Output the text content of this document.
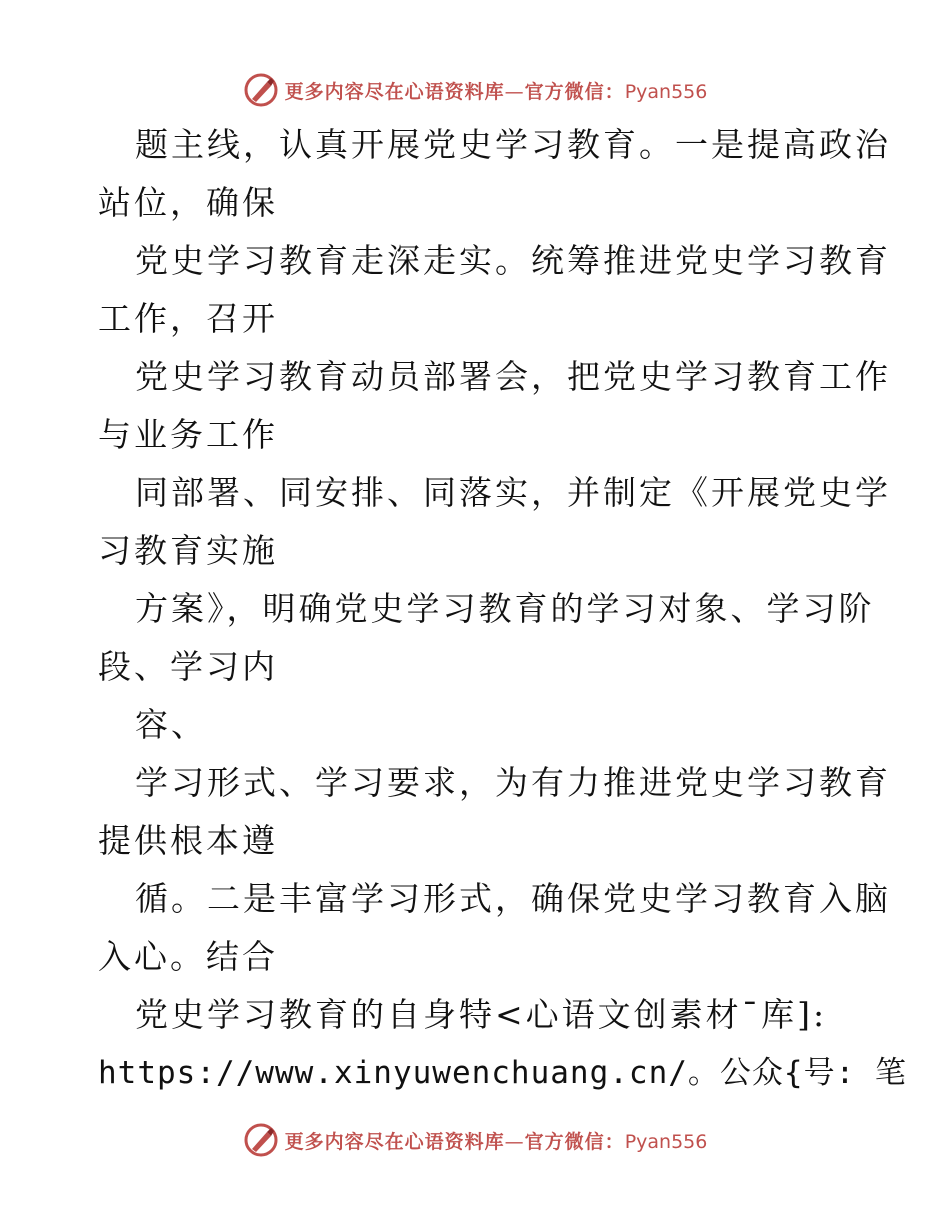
更多内容尽在心语资料库—官方微信：Pyan556
题主线，认真开展党史学习教育。一是提高政治
站位，确保
党史学习教育走深走实。统筹推进党史学习教育
工作，召开
党史学习教育动员部署会，把党史学习教育工作
与业务工作
同部署、同安排、同落实，并制定《开展党史学
习教育实施
方案》，明确党史学习教育的学习对象、学习阶
段、学习内
容、
学习形式、学习要求，为有力推进党史学习教育
提供根本遵
循。二是丰富学习形式，确保党史学习教育入脑
入心。结合
党史学习教育的自身特<心语文创素材¯库]:
https://www.xinyuwenchuang.cn/。公众{号: 笔
更多内容尽在心语资料库—官方微信：Pyan556
